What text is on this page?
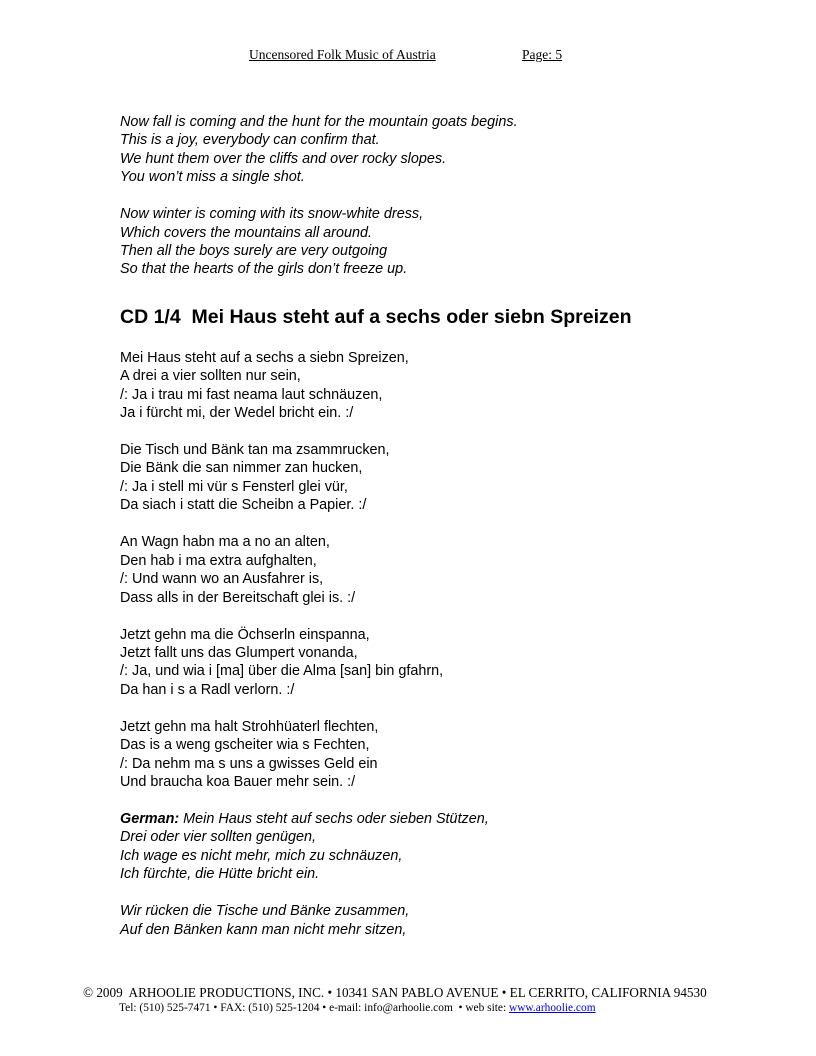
Uncensored Folk Music of Austria	Page: 5
Now fall is coming and the hunt for the mountain goats begins.
This is a joy, everybody can confirm that.
We hunt them over the cliffs and over rocky slopes.
You won’t miss a single shot.
Now winter is coming with its snow-white dress,
Which covers the mountains all around.
Then all the boys surely are very outgoing
So that the hearts of the girls don’t freeze up.
CD 1/4  Mei Haus steht auf a sechs oder siebn Spreizen
Mei Haus steht auf a sechs a siebn Spreizen,
A drei a vier sollten nur sein,
/: Ja i trau mi fast neama laut schnäuzen,
Ja i fürcht mi, der Wedel bricht ein. :/
Die Tisch und Bänk tan ma zsammrucken,
Die Bänk die san nimmer zan hucken,
/: Ja i stell mi vür s Fensterl glei vür,
Da siach i statt die Scheibn a Papier. :/
An Wagn habn ma a no an alten,
Den hab i ma extra aufghalten,
/: Und wann wo an Ausfahrer is,
Dass alls in der Bereitschaft glei is. :/
Jetzt gehn ma die Öchserln einspanna,
Jetzt fallt uns das Glumpert vonanda,
/: Ja, und wia i [ma] über die Alma [san] bin gfahrn,
Da han i s a Radl verlorn. :/
Jetzt gehn ma halt Strohhüaterl flechten,
Das is a weng gscheiter wia s Fechten,
/: Da nehm ma s uns a gwisses Geld ein
Und braucha koa Bauer mehr sein. :/
German: Mein Haus steht auf sechs oder sieben Stützen,
Drei oder vier sollten genügen,
Ich wage es nicht mehr, mich zu schnäuzen,
Ich fürchte, die Hütte bricht ein.
Wir rücken die Tische und Bänke zusammen,
Auf den Bänken kann man nicht mehr sitzen,
© 2009  ARHOOLIE PRODUCTIONS, INC. • 10341 SAN PABLO AVENUE • EL CERRITO, CALIFORNIA 94530
Tel: (510) 525-7471 • FAX: (510) 525-1204 • e-mail: info@arhoolie.com  • web site: www.arhoolie.com
